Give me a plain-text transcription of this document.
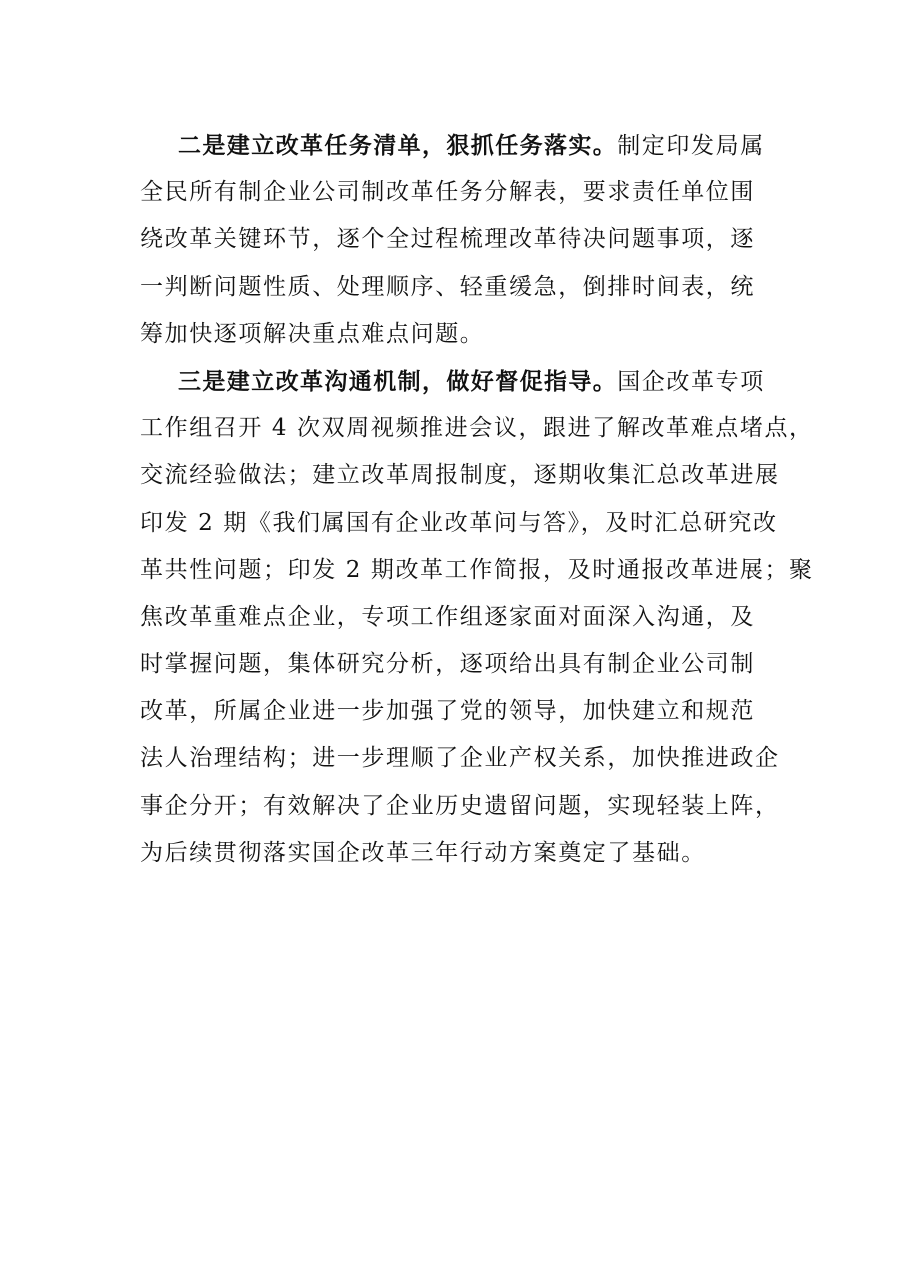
二是建立改革任务清单，狠抓任务落实。制定印发局属
全民所有制企业公司制改革任务分解表，要求责任单位围
绕改革关键环节，逐个全过程梳理改革待决问题事项，逐
一判断问题性质、处理顺序、轻重缓急，倒排时间表，统
筹加快逐项解决重点难点问题。
三是建立改革沟通机制，做好督促指导。国企改革专项
工作组召开 4 次双周视频推进会议，跟进了解改革难点堵点，
交流经验做法；建立改革周报制度，逐期收集汇总改革进展
印发 2 期《我们属国有企业改革问与答》，及时汇总研究改
革共性问题；印发 2 期改革工作简报，及时通报改革进展；聚
焦改革重难点企业，专项工作组逐家面对面深入沟通，及
时掌握问题，集体研究分析，逐项给出具有制企业公司制
改革，所属企业进一步加强了党的领导，加快建立和规范
法人治理结构；进一步理顺了企业产权关系，加快推进政企
事企分开；有效解决了企业历史遗留问题，实现轻装上阵，
为后续贯彻落实国企改革三年行动方案奠定了基础。
